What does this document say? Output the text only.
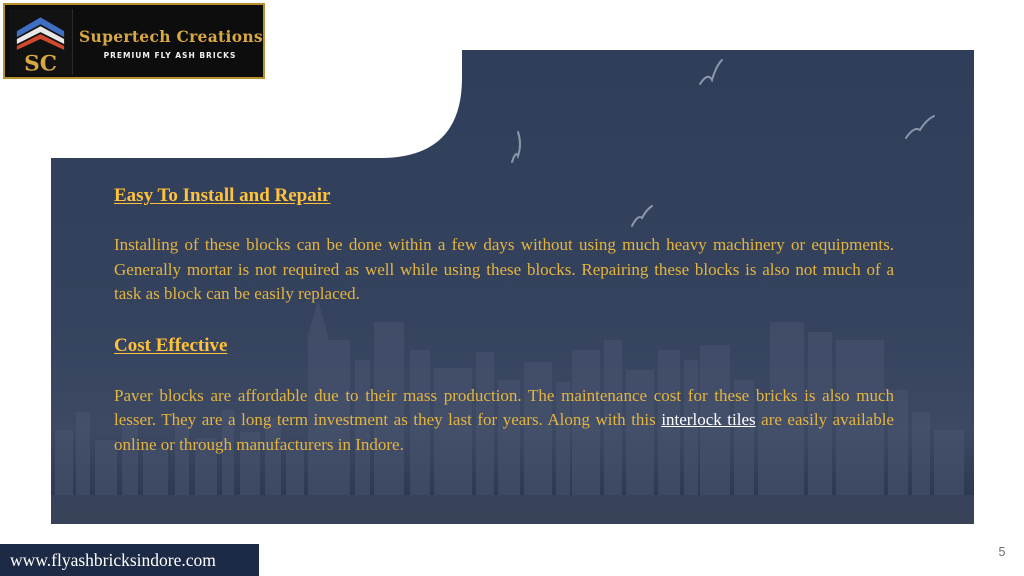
SC
Supertech Creations
PREMIUM FLY ASH BRICKS
Easy To Install and Repair

Installing of these blocks can be done within a few days without using much heavy machinery or equipments. Generally mortar is not required as well while using these blocks. Repairing these blocks is also not much of a task as block can be easily replaced.

Cost Effective

Paver blocks are affordable due to their mass production. The maintenance cost for these bricks is also much lesser. They are a long term investment as they last for years. Along with this interlock tiles are easily available online or through manufacturers in Indore.

www.flyashbricksindore.com	5
